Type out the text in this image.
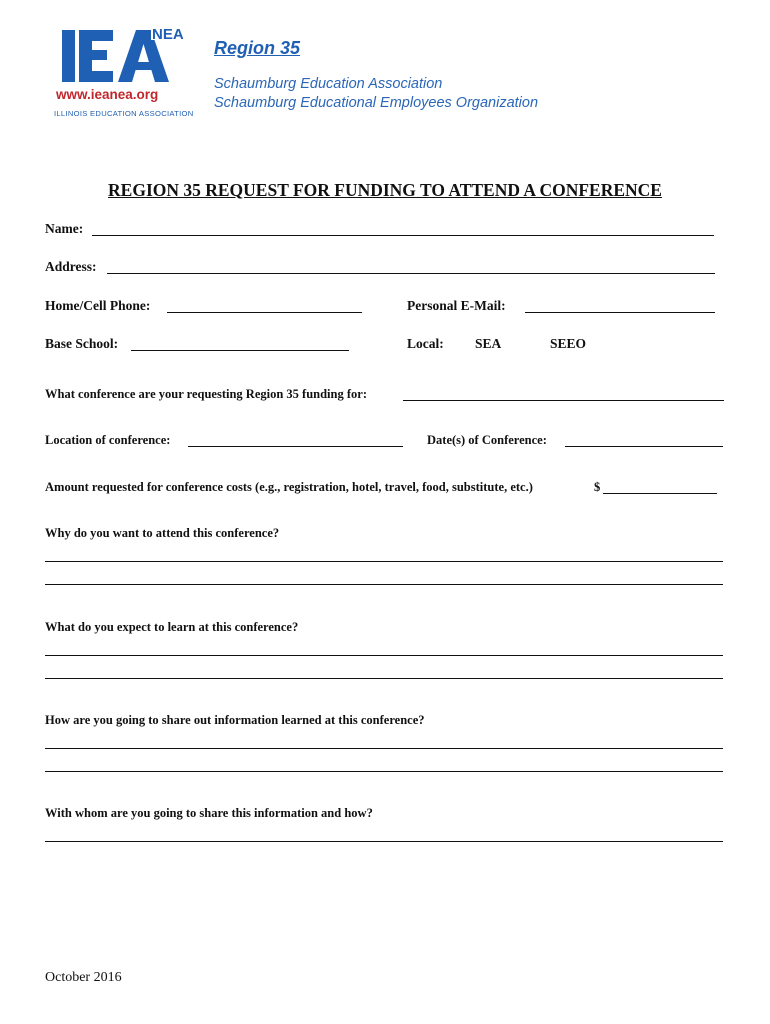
NEA
www.ieanea.org
ILLINOIS EDUCATION ASSOCIATION
Region 35
Schaumburg Education Association
Schaumburg Educational Employees Organization
REGION 35 REQUEST FOR FUNDING TO ATTEND A CONFERENCE
Name:
Address:
Home/Cell Phone:	Personal E-Mail:
Base School:	Local: SEA	SEEO
What conference are your requesting Region 35 funding for:
Location of conference:	Date(s) of Conference:
Amount requested for conference costs (e.g., registration, hotel, travel, food, substitute, etc.)	$
Why do you want to attend this conference?
What do you expect to learn at this conference?
How are you going to share out information learned at this conference?
With whom are you going to share this information and how?
October 2016
